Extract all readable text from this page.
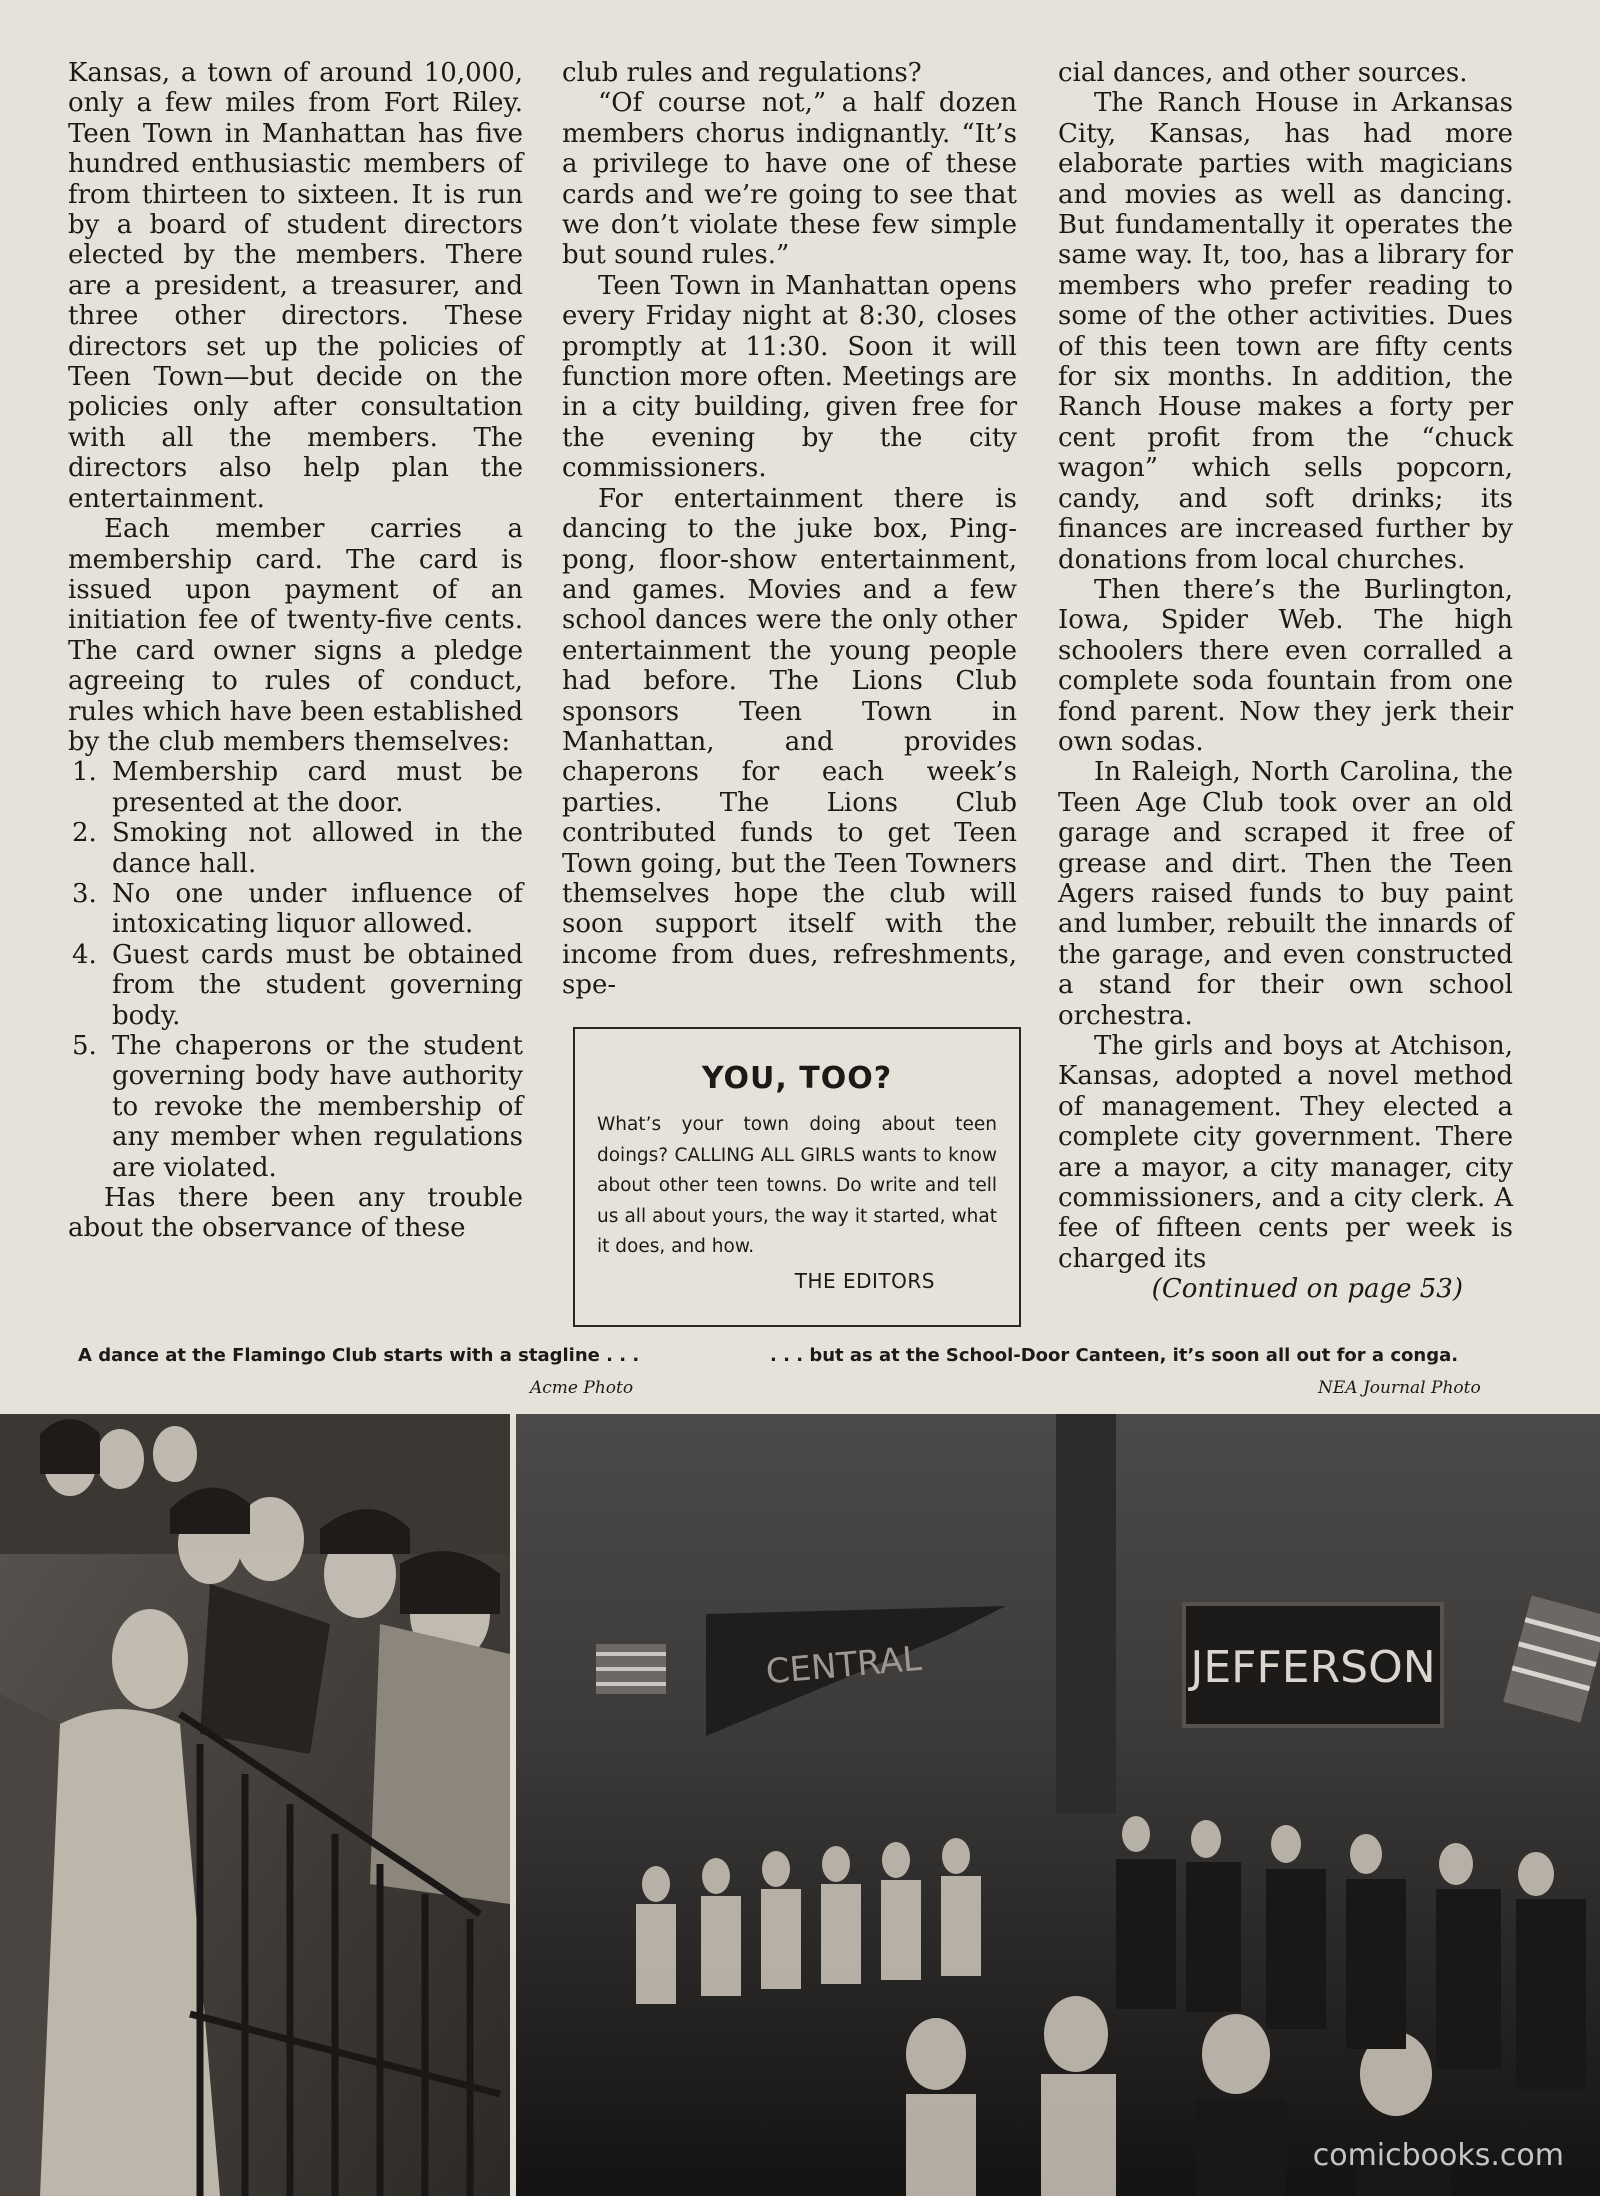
Kansas, a town of around 10,000, only a few miles from Fort Riley. Teen Town in Manhattan has five hundred enthusiastic members of from thirteen to sixteen. It is run by a board of student directors elected by the members. There are a president, a treasurer, and three other directors. These directors set up the policies of Teen Town—but decide on the policies only after consultation with all the members. The directors also help plan the entertainment.

Each member carries a membership card. The card is issued upon payment of an initiation fee of twenty-five cents. The card owner signs a pledge agreeing to rules of conduct, rules which have been established by the club members themselves:

1. Membership card must be presented at the door.
2. Smoking not allowed in the dance hall.
3. No one under influence of intoxicating liquor allowed.
4. Guest cards must be obtained from the student governing body.
5. The chaperons or the student governing body have authority to revoke the membership of any member when regulations are violated.

Has there been any trouble about the observance of these

club rules and regulations?

“Of course not,” a half dozen members chorus indignantly. “It’s a privilege to have one of these cards and we’re going to see that we don’t violate these few simple but sound rules.”

Teen Town in Manhattan opens every Friday night at 8:30, closes promptly at 11:30. Soon it will function more often. Meetings are in a city building, given free for the evening by the city commissioners.

For entertainment there is dancing to the juke box, Ping-pong, floor-show entertainment, and games. Movies and a few school dances were the only other entertainment the young people had before. The Lions Club sponsors Teen Town in Manhattan, and provides chaperons for each week’s parties. The Lions Club contributed funds to get Teen Town going, but the Teen Towners themselves hope the club will soon support itself with the income from dues, refreshments, spe-

cial dances, and other sources.

The Ranch House in Arkansas City, Kansas, has had more elaborate parties with magicians and movies as well as dancing. But fundamentally it operates the same way. It, too, has a library for members who prefer reading to some of the other activities. Dues of this teen town are fifty cents for six months. In addition, the Ranch House makes a forty per cent profit from the “chuck wagon” which sells popcorn, candy, and soft drinks; its finances are increased further by donations from local churches.

Then there’s the Burlington, Iowa, Spider Web. The high schoolers there even corralled a complete soda fountain from one fond parent. Now they jerk their own sodas.

In Raleigh, North Carolina, the Teen Age Club took over an old garage and scraped it free of grease and dirt. Then the Teen Agers raised funds to buy paint and lumber, rebuilt the innards of the garage, and even constructed a stand for their own school orchestra.

The girls and boys at Atchison, Kansas, adopted a novel method of management. They elected a complete city government. There are a mayor, a city manager, city commissioners, and a city clerk. A fee of fifteen cents per week is charged its

(Continued on page 53)
YOU, TOO?
What’s your town doing about teen doings? CALLING ALL GIRLS wants to know about other teen towns. Do write and tell us all about yours, the way it started, what it does, and how.
THE EDITORS
A dance at the Flamingo Club starts with a stagline . . .
Acme Photo
. . . but as at the School-Door Canteen, it’s soon all out for a conga.
NEA Journal Photo
CENTRAL	JEFFERSON
comicbooks.com
